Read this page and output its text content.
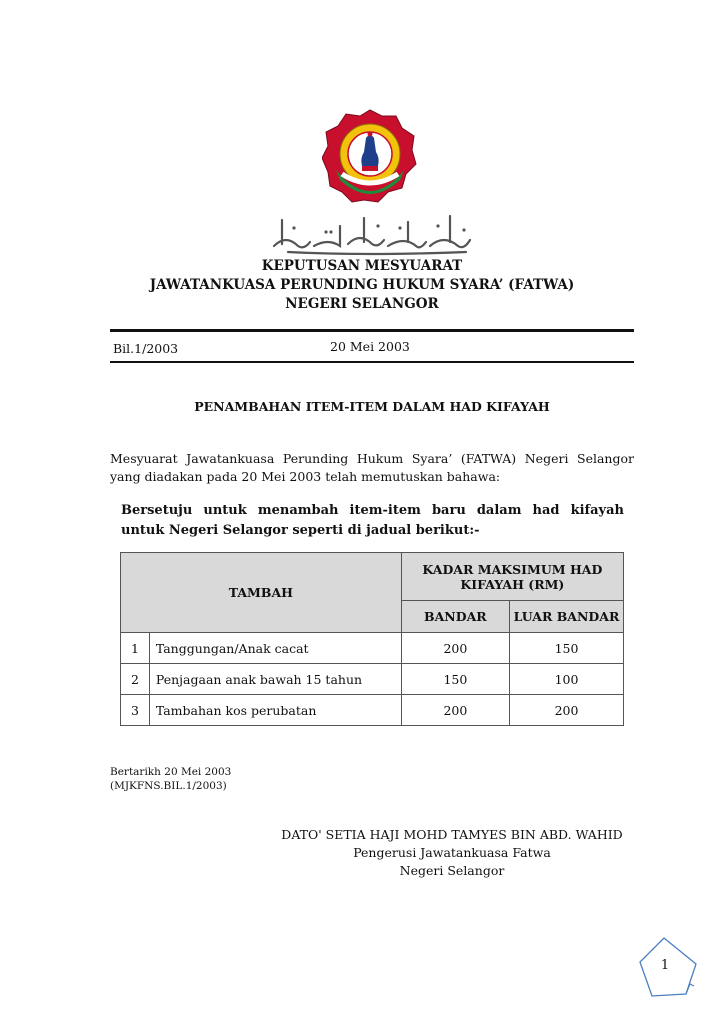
KEPUTUSAN MESYUARAT
JAWATANKUASA PERUNDING HUKUM SYARA’ (FATWA)
NEGERI SELANGOR
Bil.1/2003	20 Mei 2003
PENAMBAHAN ITEM-ITEM DALAM HAD KIFAYAH
Mesyuarat Jawatankuasa Perunding Hukum Syara’ (FATWA) Negeri Selangor yang diadakan pada 20 Mei 2003 telah memutuskan bahawa:
Bersetuju untuk menambah item-item baru dalam had kifayah untuk Negeri Selangor seperti di jadual berikut:-
TAMBAH		KADAR MAKSIMUM HAD KIFAYAH (RM)	
		BANDAR	LUAR BANDAR
1	Tanggungan/Anak cacat	200	150
2	Penjagaan anak bawah 15 tahun	150	100
3	Tambahan kos perubatan	200	200
Bertarikh 20 Mei 2003
(MJKFNS.BIL.1/2003)
DATO' SETIA HAJI MOHD TAMYES BIN ABD. WAHID
Pengerusi Jawatankuasa Fatwa
Negeri Selangor
1
